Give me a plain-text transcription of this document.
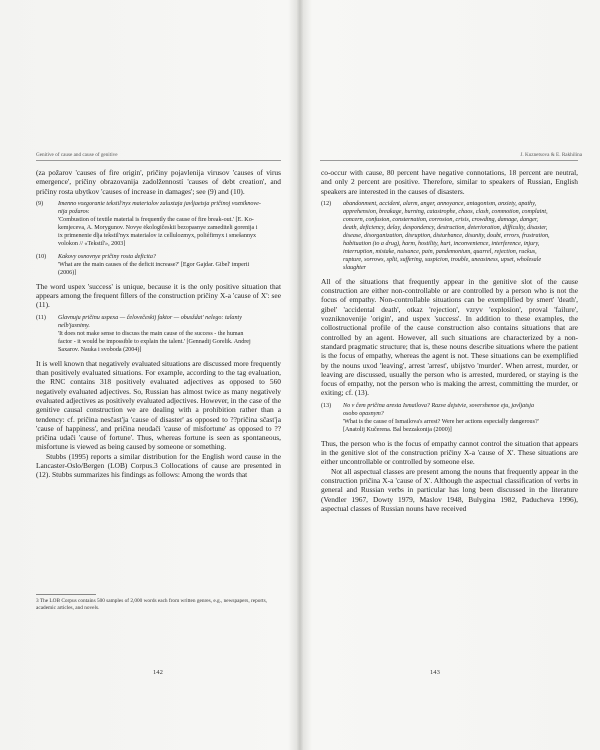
Genitive of cause and cause of genitive

(za požarov 'causes of fire origin', pričiny pojavlenija virusov 'causes of virus emergence', pričiny obrazovanija zadolženností 'causes of debt creation', and pričiny rosta ubytkov 'causes of increase in damages'; see (9) and (10).

(9)	Imenno vozgoranie tekstil'nyx materialov zaluxtaja javljaetsja pričinoj vozniknove-
nija požarov.
'Combustion of textile material is frequently the cause of fire break-out.' [E. Ko-
kemjeceva, A. Morygunov. Novye ėkologičeskii bezopasnye zamediteli gorenija i
ix primenenie dlja tekstil'nyx materialov iz cellulozmyx, poliéfirnyx i smešannyx
volokon // «Tekstil'», 2003]
(10)	Kakovy osnovnye pričiny rosta deficita?
'What are the main causes of the deficit increase?' [Egor Gajdar. Gibel' imperii
(2006)]

The word uspex 'success' is unique, because it is the only positive situation that appears among the frequent fillers of the construction pričiny X-a 'cause of X': see (11).

(11)	Glavnuju pričinu uspexa — čelovečeskij faktor — obusždat' nelego: talanty
nelb'jasnimy.
'It does not make sense to discuss the main cause of the success - the human
factor - it would be impossible to explain the talent.' [Gennadij Gorelik. Andrej
Saxarov. Nauka i svoboda (2004)]

It is well known that negatively evaluated situations are discussed more frequently than positively evaluated situations. For example, according to the tag evaluation, the RNC contains 318 positively evaluated adjectives as opposed to 560 negatively evaluated adjectives. So, Russian has almost twice as many negatively evaluated adjectives as positively evaluated adjectives. However, in the case of the genitive causal construction we are dealing with a prohibition rather than a tendency: cf. pričina nesčast'ja 'cause of disaster' as opposed to ??pričina sčast'ja 'cause of happiness', and pričina neudači 'cause of misfortune' as opposed to ??pričina udači 'cause of fortune'. Thus, whereas fortune is seen as spontaneous, misfortune is viewed as being caused by someone or something.

Stubbs (1995) reports a similar distribution for the English word cause in the Lancaster-Oslo/Bergen (LOB) Corpus.3 Collocations of cause are presented in (12). Stubbs summarizes his findings as follows: Among the words that

3 The LOB Corpus contains 500 samples of 2,000 words each from written genres, e.g., newspapers, reports, academic articles, and novels.
142
J. Kuznetsova & E. Rakhilina

co-occur with cause, 80 percent have negative connotations, 18 percent are neutral, and only 2 percent are positive. Therefore, similar to speakers of Russian, English speakers are interested in the causes of disasters.

(12)	abandonment, accident, alarm, anger, annoyance, antagonism, anxiety, apathy,
apprehension, breakage, burning, catastrophe, chaos, clash, commotion, complaint,
concern, confusion, consternation, corrosion, crisis, crowding, damage, danger,
death, deficiency, delay, despondency, destruction, deterioration, difficulty, disaster,
disease, disorganization, disruption, disturbance, disunity, doubt, errors, frustration,
habituation (to a drug), harm, hostility, hurt, inconvenience, interference, injury,
interruption, mistake, nuisance, pain, pandemonium, quarrel, rejection, ruckus,
rupture, sorrows, split, suffering, suspicion, trouble, uneasiness, upset, wholesale
slaughter

All of the situations that frequently appear in the genitive slot of the cause construction are either non-controllable or are controlled by a person who is not the focus of empathy. Non-controllable situations can be exemplified by smert' 'death', gibel' 'accidental death', otkaz 'rejection', vzryv 'explosion', proval 'failure', vozniknovenije 'origin', and uspex 'success'. In addition to these examples, the collostructional profile of the cause construction also contains situations that are controlled by an agent. However, all such situations are characterized by a non-standard pragmatic structure; that is, these nouns describe situations where the patient is the focus of empathy, whereas the agent is not. These situations can be exemplified by the nouns uxod 'leaving', arrest 'arrest', ubijstvo 'murder'. When arrest, murder, or leaving are discussed, usually the person who is arrested, murdered, or staying is the focus of empathy, not the person who is making the arrest, committing the murder, or exiting; cf. (13).

(13)	No v čem pričina aresta Ismailova? Razve dejstvie, sovershenoe eju, javljatsja
osobo opasnym?
'What is the cause of Ismailova's arrest? Were her actions especially dangerous?'
[Anatolij Kučerena. Bal bezzakonija (2000)]

Thus, the person who is the focus of empathy cannot control the situation that appears in the genitive slot of the construction pričiny X-a 'cause of X'. These situations are either uncontrollable or controlled by someone else.

Not all aspectual classes are present among the nouns that frequently appear in the construction pričina X-a 'cause of X'. Although the aspectual classification of verbs in general and Russian verbs in particular has long been discussed in the literature (Vendler 1967, Dowty 1979, Maslov 1948, Bulygina 1982, Paducheva 1996), aspectual classes of Russian nouns have received

143
